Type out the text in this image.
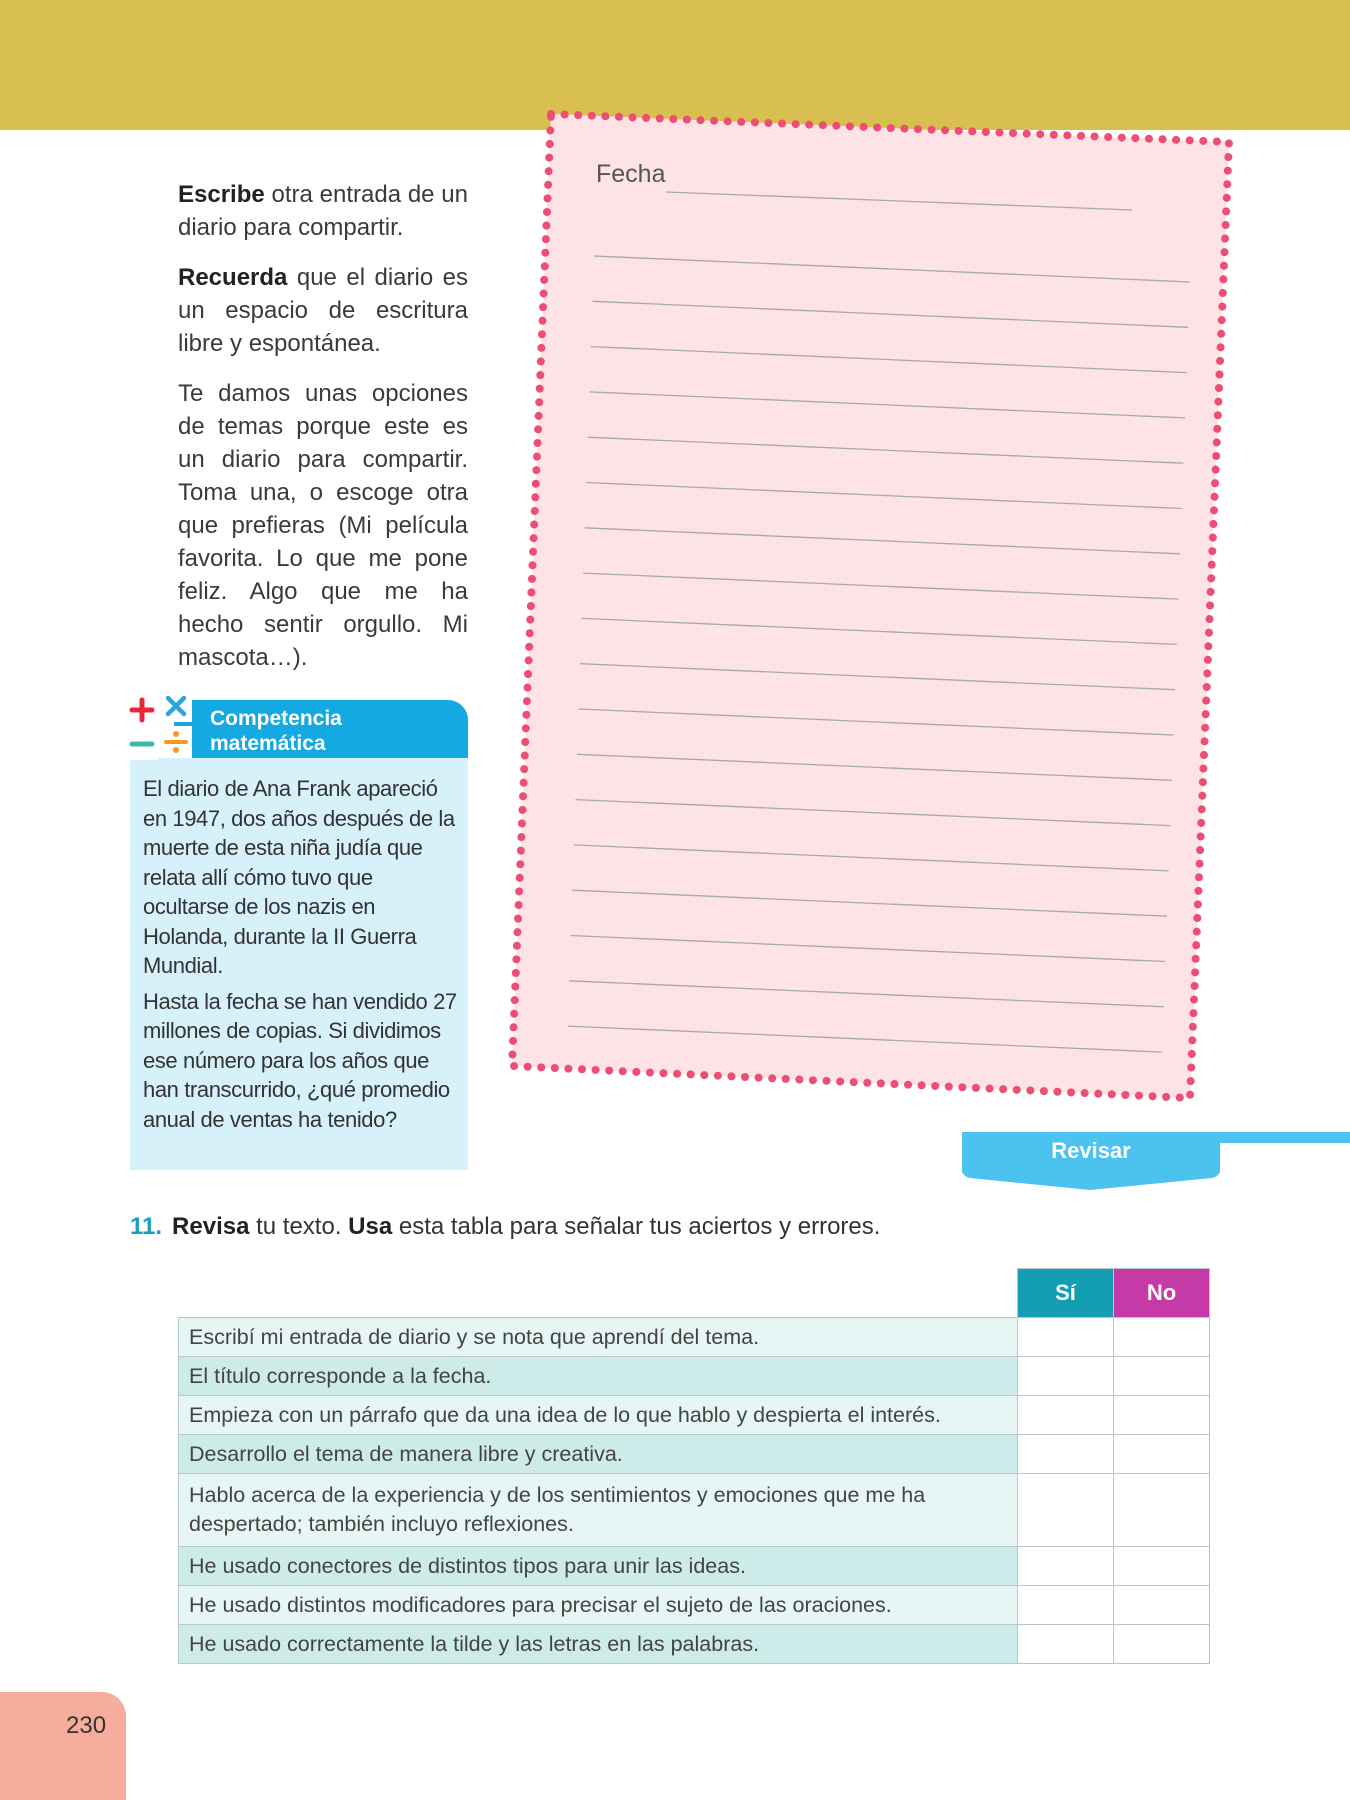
Escribe otra entrada de un diario para compartir.

Recuerda que el diario es un espacio de escritura libre y espontánea.

Te damos unas opciones de temas porque este es un diario para compartir. Toma una, o escoge otra que prefieras (Mi película favorita. Lo que me pone feliz. Algo que me ha hecho sentir orgullo. Mi mascota…).

Competencia
matemática

El diario de Ana Frank apareció en 1947, dos años después de la muerte de esta niña judía que relata allí cómo tuvo que ocultarse de los nazis en Holanda, durante la II Guerra Mundial.

Hasta la fecha se han vendido 27 millones de copias. Si dividimos ese número para los años que han transcurrido, ¿qué promedio anual de ventas ha tenido?

Fecha
Revisar
11. Revisa tu texto. Usa esta tabla para señalar tus aciertos y errores.
	Sí	No
Escribí mi entrada de diario y se nota que aprendí del tema.		
El título corresponde a la fecha.		
Empieza con un párrafo que da una idea de lo que hablo y despierta el interés.		
Desarrollo el tema de manera libre y creativa.		
Hablo acerca de la experiencia y de los sentimientos y emociones que me ha despertado; también incluyo reflexiones.		
He usado conectores de distintos tipos para unir las ideas.		
He usado distintos modificadores para precisar el sujeto de las oraciones.		
He usado correctamente la tilde y las letras en las palabras.		
230
